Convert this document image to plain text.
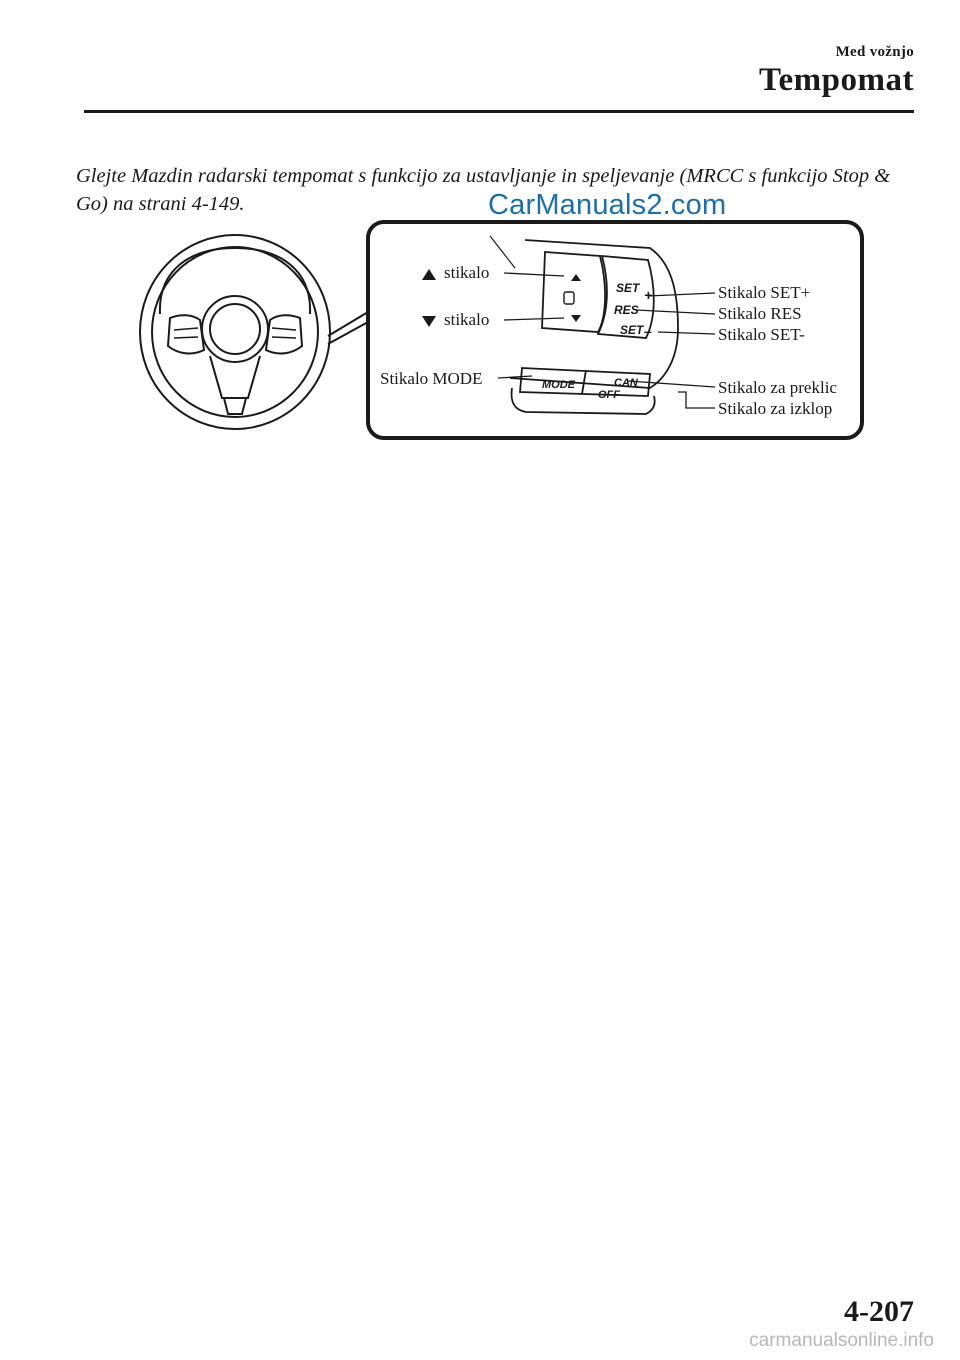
Med vožnjo
Tempomat
Glejte Mazdin radarski tempomat s funkcijo za ustavljanje in speljevanje (MRCC s funkcijo Stop & Go) na strani 4-149.	CarManuals2.com
SET +
RES
SET –
MODE	CAN
OFF
stikalo
stikalo
Stikalo MODE
Stikalo SET+
Stikalo RES
Stikalo SET-
Stikalo za preklic
Stikalo za izklop
4-207
carmanualsonline.info
